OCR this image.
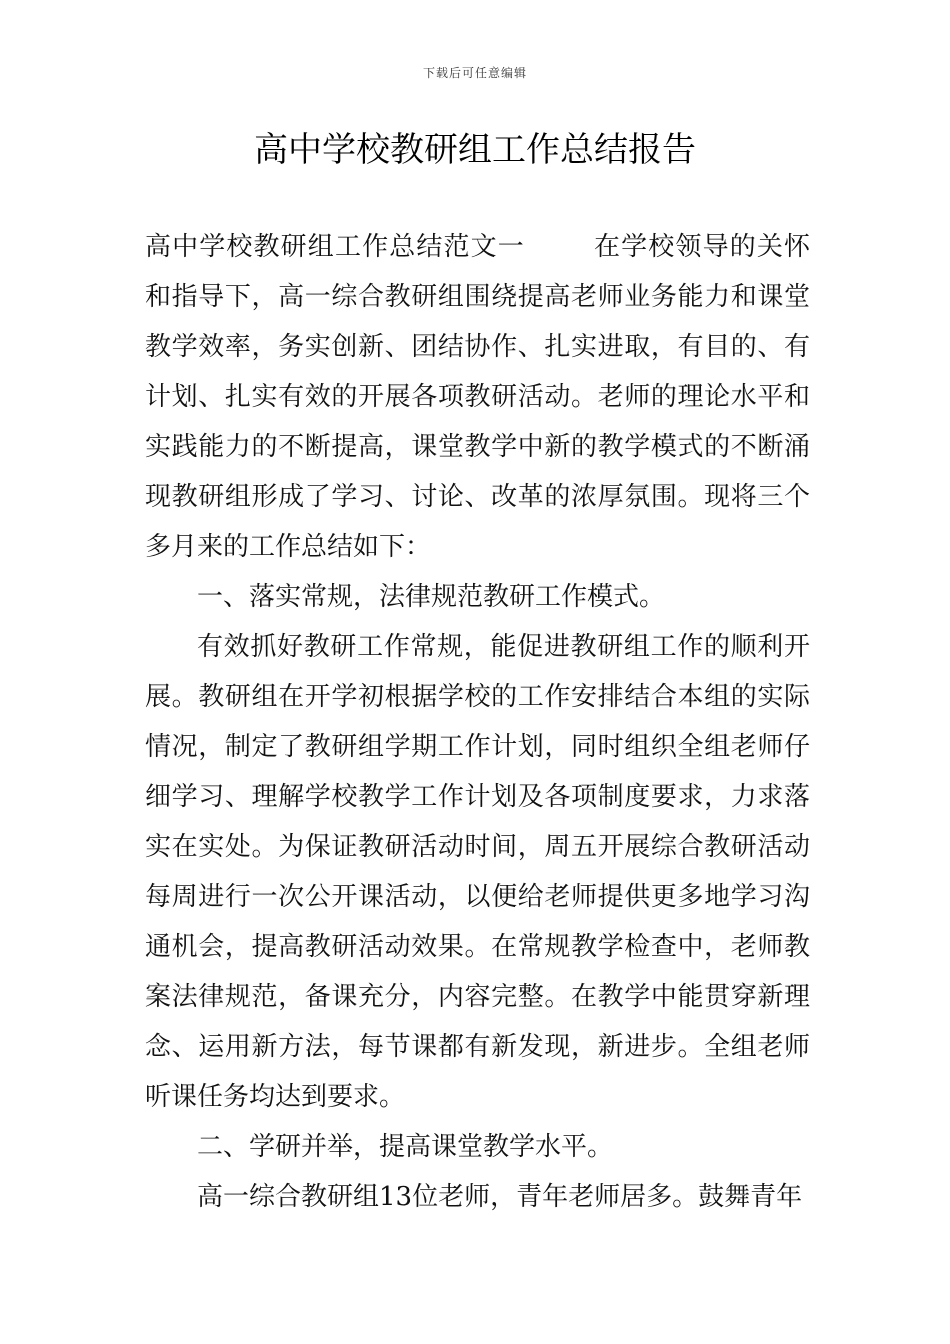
下载后可任意编辑
高中学校教研组工作总结报告

高中学校教研组工作总结范文一	在学校领导的关怀和指导下，高一综合教研组围绕提高老师业务能力和课堂教学效率，务实创新、团结协作、扎实进取，有目的、有计划、扎实有效的开展各项教研活动。老师的理论水平和实践能力的不断提高，课堂教学中新的教学模式的不断涌现教研组形成了学习、讨论、改革的浓厚氛围。现将三个多月来的工作总结如下：

一、落实常规，法律规范教研工作模式。

有效抓好教研工作常规，能促进教研组工作的顺利开展。教研组在开学初根据学校的工作安排结合本组的实际情况，制定了教研组学期工作计划，同时组织全组老师仔细学习、理解学校教学工作计划及各项制度要求，力求落实在实处。为保证教研活动时间，周五开展综合教研活动每周进行一次公开课活动，以便给老师提供更多地学习沟通机会，提高教研活动效果。在常规教学检查中，老师教案法律规范，备课充分，内容完整。在教学中能贯穿新理念、运用新方法，每节课都有新发现，新进步。全组老师听课任务均达到要求。

二、学研并举，提高课堂教学水平。

高一综合教研组13位老师，青年老师居多。鼓舞青年
